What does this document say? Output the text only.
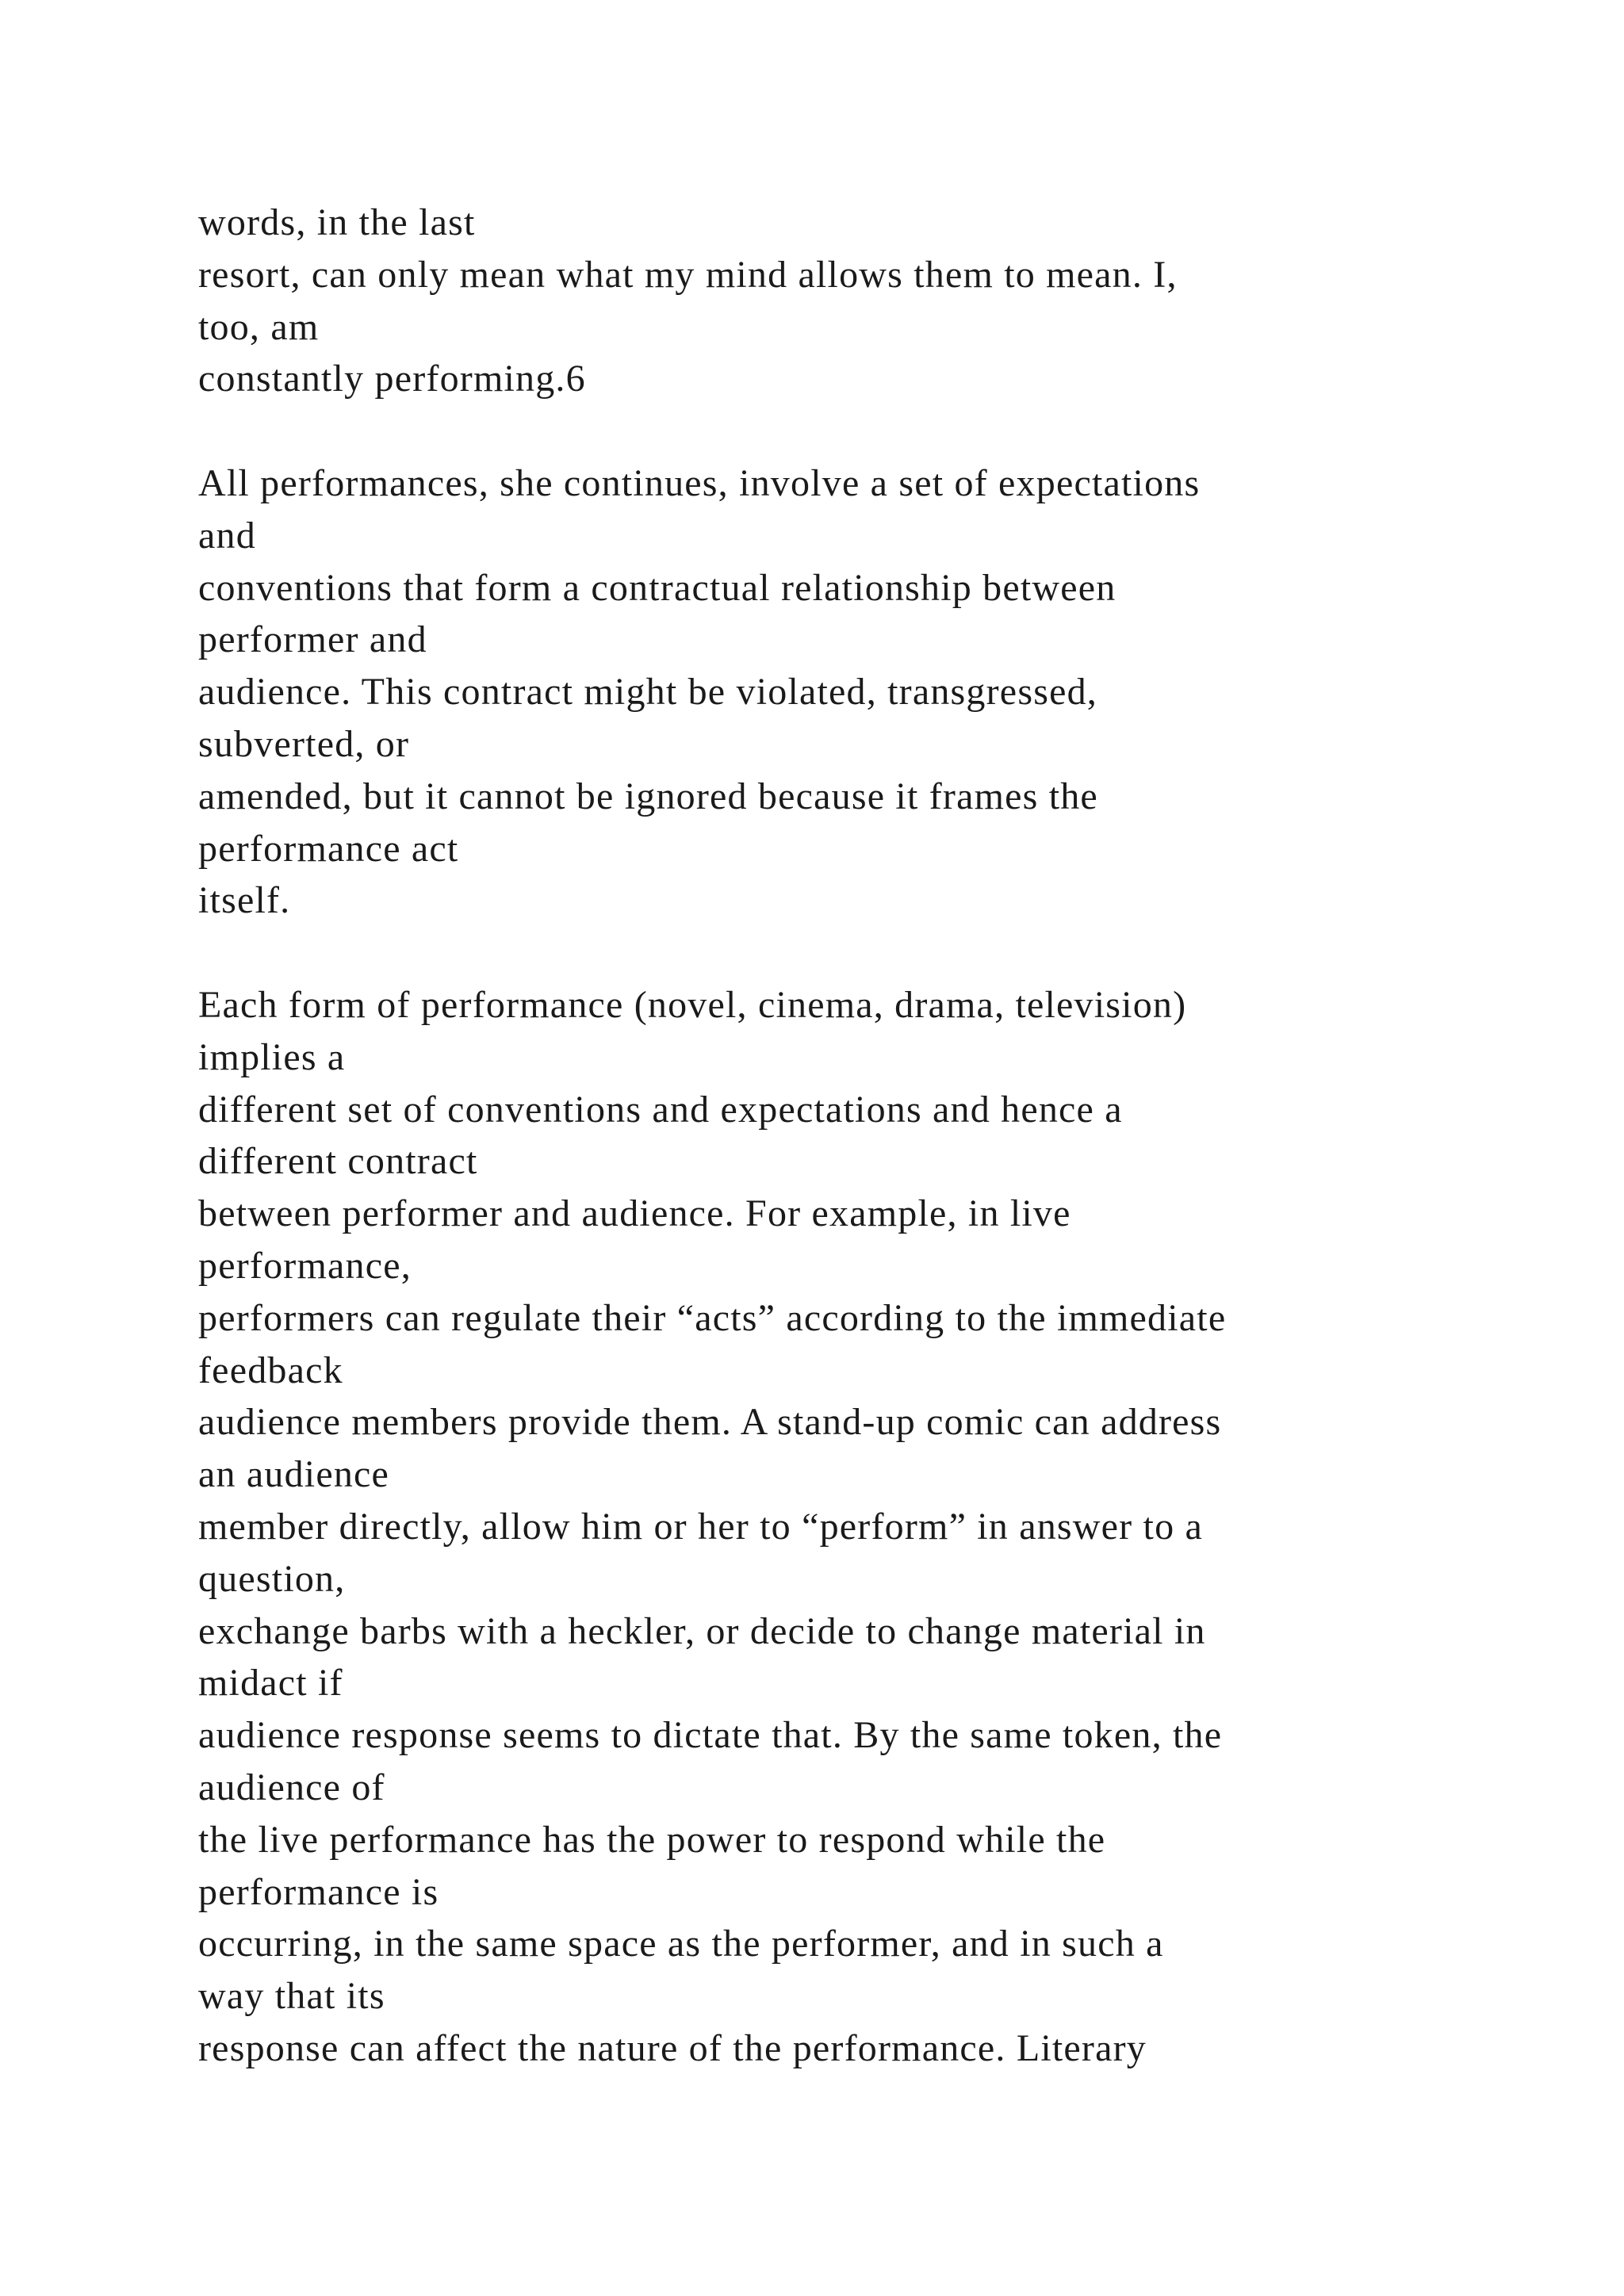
words, in the last
resort, can only mean what my mind allows them to mean. I,
too, am
constantly performing.6
All performances, she continues, involve a set of expectations
and
conventions that form a contractual relationship between
performer and
audience. This contract might be violated, transgressed,
subverted, or
amended, but it cannot be ignored because it frames the
performance act
itself.
Each form of performance (novel, cinema, drama, television)
implies a
different set of conventions and expectations and hence a
different contract
between performer and audience. For example, in live
performance,
performers can regulate their “acts” according to the immediate
feedback
audience members provide them. A stand-up comic can address
an audience
member directly, allow him or her to “perform” in answer to a
question,
exchange barbs with a heckler, or decide to change material in
midact if
audience response seems to dictate that. By the same token, the
audience of
the live performance has the power to respond while the
performance is
occurring, in the same space as the performer, and in such a
way that its
response can affect the nature of the performance. Literary
